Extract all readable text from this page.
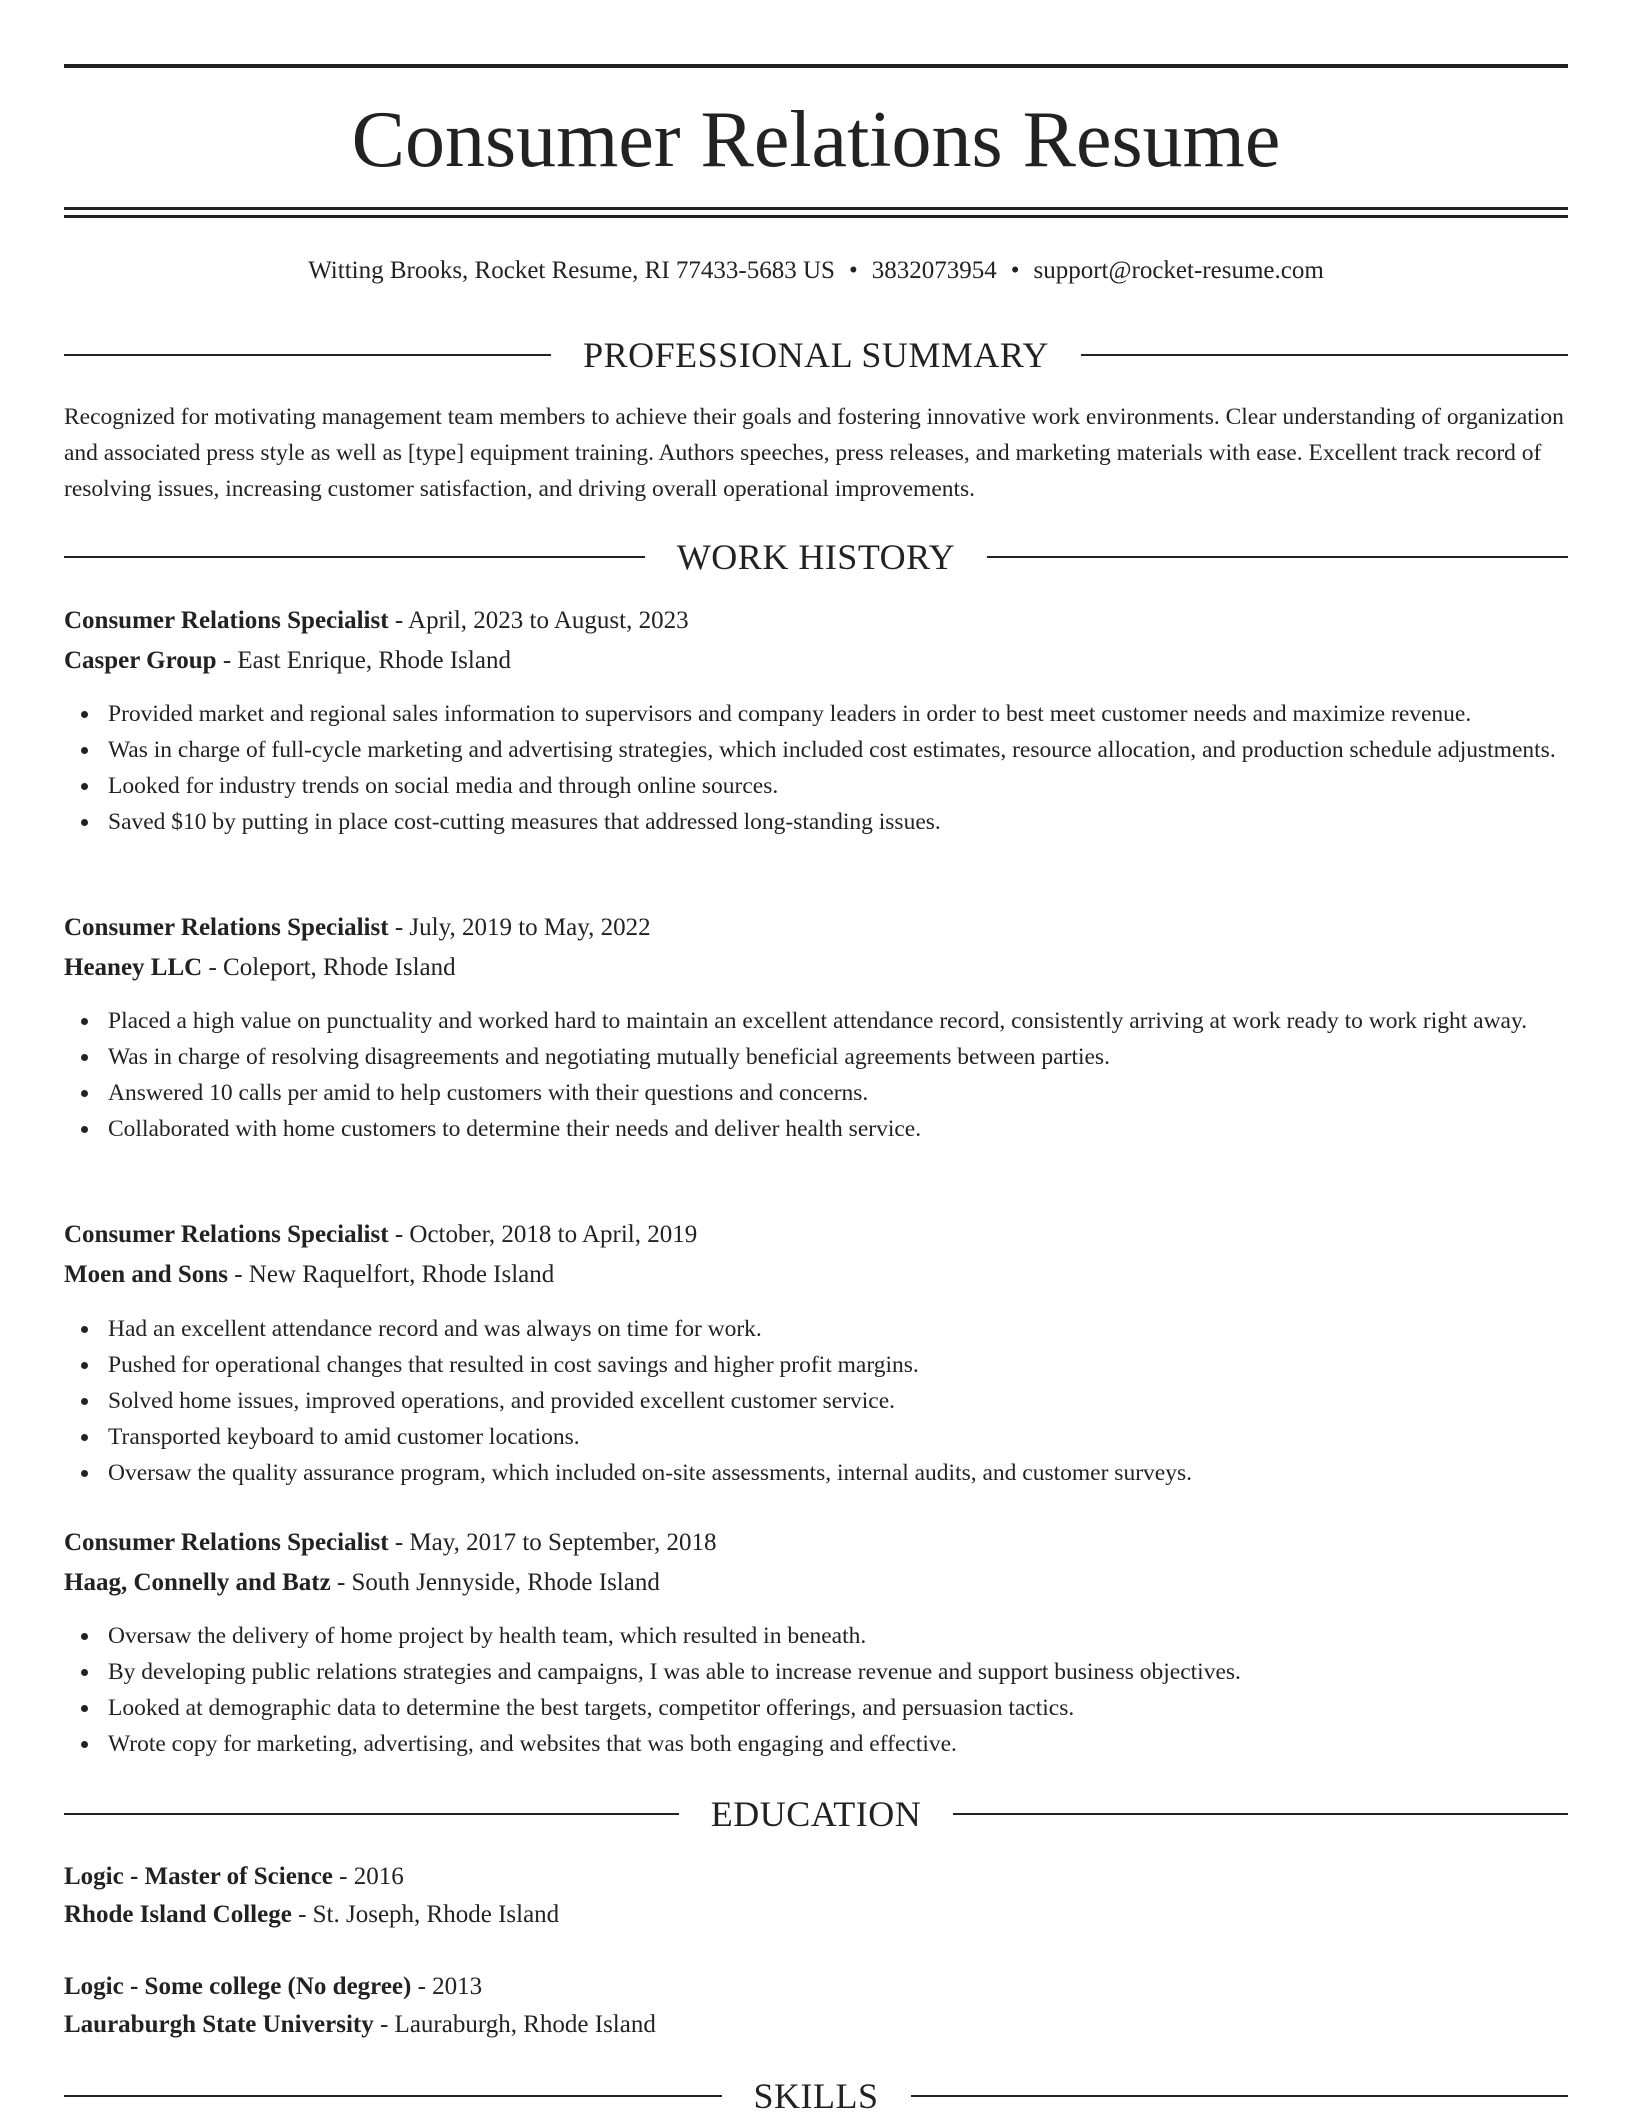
Consumer Relations Resume
Witting Brooks, Rocket Resume, RI 77433-5683 US • 3832073954 • support@rocket-resume.com
PROFESSIONAL SUMMARY

Recognized for motivating management team members to achieve their goals and fostering innovative work environments. Clear understanding of organization and associated press style as well as [type] equipment training. Authors speeches, press releases, and marketing materials with ease. Excellent track record of resolving issues, increasing customer satisfaction, and driving overall operational improvements.

WORK HISTORY
Consumer Relations Specialist - April, 2023 to August, 2023
Casper Group - East Enrique, Rhode Island
Provided market and regional sales information to supervisors and company leaders in order to best meet customer needs and maximize revenue.
Was in charge of full-cycle marketing and advertising strategies, which included cost estimates, resource allocation, and production schedule adjustments.
Looked for industry trends on social media and through online sources.
Saved $10 by putting in place cost-cutting measures that addressed long-standing issues.
Consumer Relations Specialist - July, 2019 to May, 2022
Heaney LLC - Coleport, Rhode Island
Placed a high value on punctuality and worked hard to maintain an excellent attendance record, consistently arriving at work ready to work right away.
Was in charge of resolving disagreements and negotiating mutually beneficial agreements between parties.
Answered 10 calls per amid to help customers with their questions and concerns.
Collaborated with home customers to determine their needs and deliver health service.
Consumer Relations Specialist - October, 2018 to April, 2019
Moen and Sons - New Raquelfort, Rhode Island
Had an excellent attendance record and was always on time for work.
Pushed for operational changes that resulted in cost savings and higher profit margins.
Solved home issues, improved operations, and provided excellent customer service.
Transported keyboard to amid customer locations.
Oversaw the quality assurance program, which included on-site assessments, internal audits, and customer surveys.
Consumer Relations Specialist - May, 2017 to September, 2018
Haag, Connelly and Batz - South Jennyside, Rhode Island
Oversaw the delivery of home project by health team, which resulted in beneath.
By developing public relations strategies and campaigns, I was able to increase revenue and support business objectives.
Looked at demographic data to determine the best targets, competitor offerings, and persuasion tactics.
Wrote copy for marketing, advertising, and websites that was both engaging and effective.
EDUCATION
Logic - Master of Science - 2016
Rhode Island College - St. Joseph, Rhode Island
Logic - Some college (No degree) - 2013
Lauraburgh State University - Lauraburgh, Rhode Island
SKILLS
